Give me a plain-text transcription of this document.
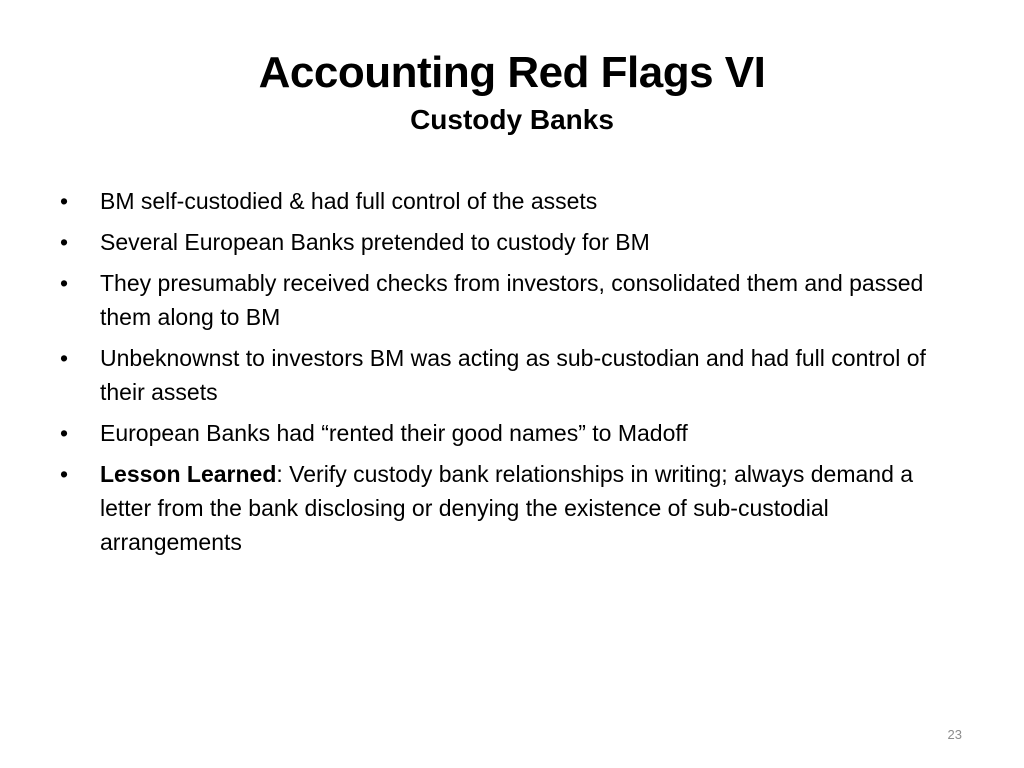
Accounting Red Flags VI
Custody Banks
•	BM self-custodied & had full control of the assets
•	Several European Banks pretended to custody for BM
•	They presumably received checks from investors, consolidated them and passed them along to BM
•	Unbeknownst to investors BM was acting as sub-custodian and had full control of their assets
•	European Banks had “rented their good names” to Madoff
•	Lesson Learned: Verify custody bank relationships in writing; always demand a letter from the bank disclosing or denying the existence of sub-custodial arrangements
23
